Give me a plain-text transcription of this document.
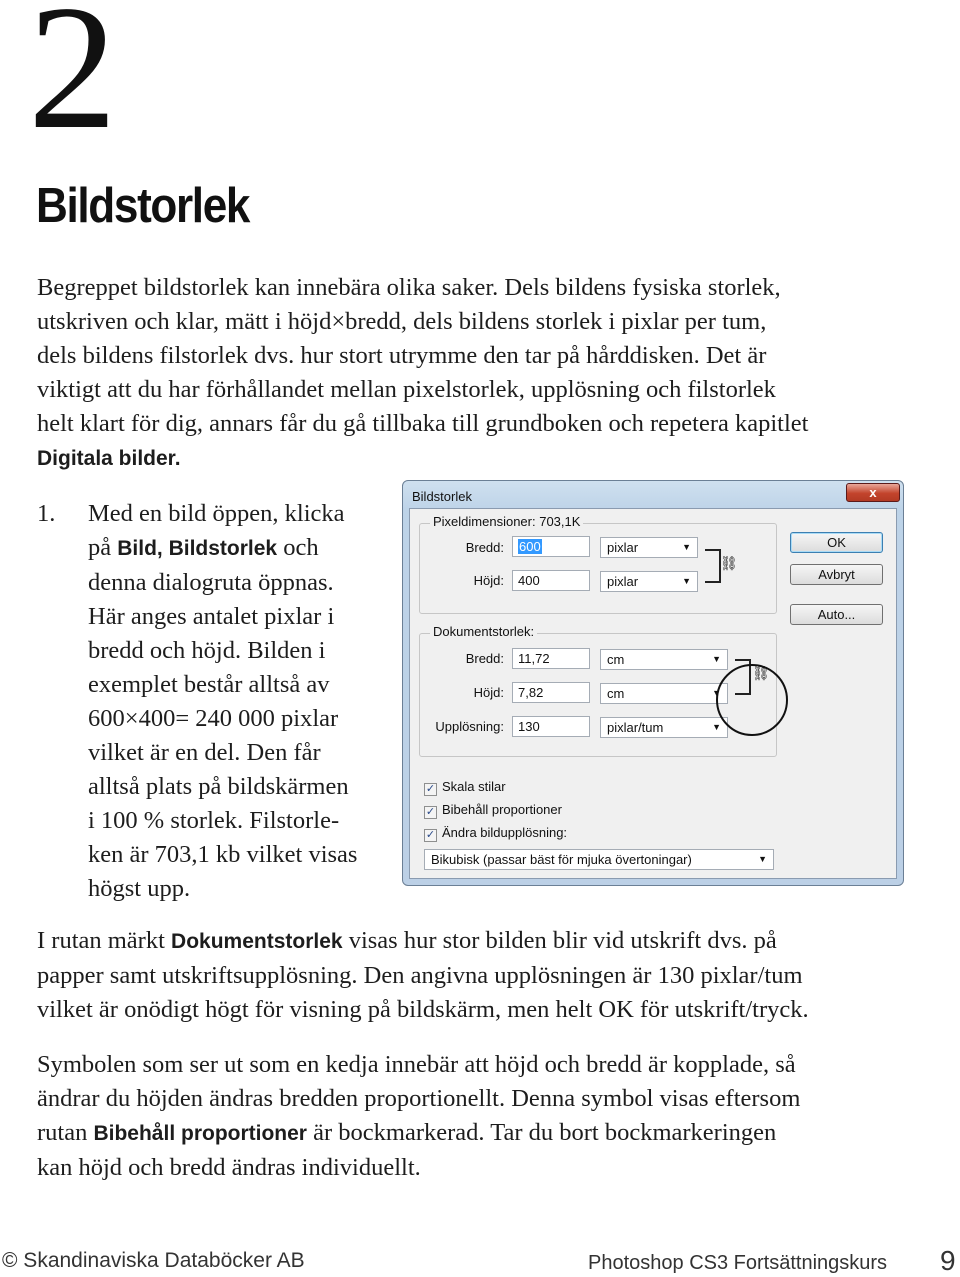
2
Bildstorlek

Begreppet bildstorlek kan innebära olika saker. Dels bildens fysiska storlek,

utskriven och klar, mätt i höjd×bredd, dels bildens storlek i pixlar per tum,

dels bildens filstorlek dvs. hur stort utrymme den tar på hårddisken. Det är

viktigt att du har förhållandet mellan pixelstorlek, upplösning och filstorlek

helt klart för dig, annars får du gå tillbaka till grundboken och repetera kapitlet

Digitala bilder.

1. Med en bild öppen, klicka
på Bild, Bildstorlek och
denna dialogruta öppnas.
Här anges antalet pixlar i
bredd och höjd. Bilden i
exemplet består alltså av
600×400= 240 000 pixlar
vilket är en del. Den får
alltså plats på bildskärmen
i 100 % storlek. Filstorle-
ken är 703,1 kb vilket visas
högst upp.
Bildstorlek	x
Pixeldimensioner: 703,1K
Bredd:	600	pixlar	▼
Höjd:	400	pixlar	▼
⛓
Dokumentstorlek:
Bredd:	11,72	cm	▼
Höjd:	7,82	cm	▼
Upplösning:	130	pixlar/tum	▼
⛓
OK
Avbryt
Auto...
✓ Skala stilar
✓ Bibehåll proportioner
✓ Ändra bildupplösning:
Bikubisk (passar bäst för mjuka övertoningar)	▼

I rutan märkt Dokumentstorlek visas hur stor bilden blir vid utskrift dvs. på

papper samt utskriftsupplösning. Den angivna upplösningen är 130 pixlar/tum

vilket är onödigt högt för visning på bildskärm, men helt OK för utskrift/tryck.

Symbolen som ser ut som en kedja innebär att höjd och bredd är kopplade, så

ändrar du höjden ändras bredden proportionellt. Denna symbol visas eftersom

rutan Bibehåll proportioner är bockmarkerad. Tar du bort bockmarkeringen

kan höjd och bredd ändras individuellt.

© Skandinaviska Databöcker AB	Photoshop CS3 Fortsättningskurs 9
